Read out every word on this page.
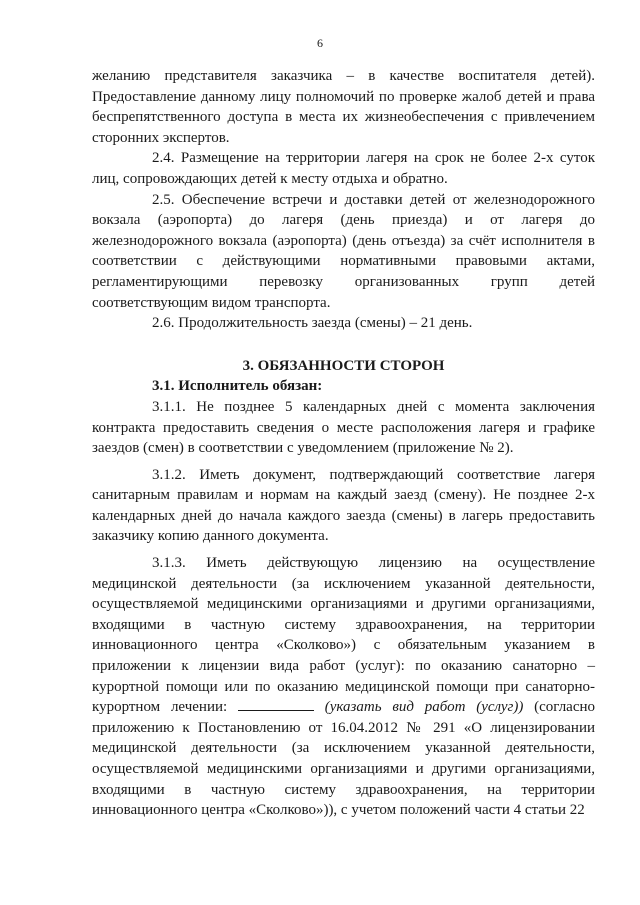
6
желанию представителя заказчика – в качестве воспитателя детей).
Предоставление данному лицу полномочий по проверке жалоб детей и права
беспрепятственного доступа в места их жизнеобеспечения с привлечением
сторонних экспертов.
2.4. Размещение на территории лагеря на срок не более 2-х суток
лиц, сопровождающих детей к месту отдыха и обратно.
2.5. Обеспечение встречи и доставки детей от железнодорожного
вокзала (аэропорта) до лагеря (день приезда) и от лагеря до
железнодорожного вокзала (аэропорта) (день отъезда) за счёт исполнителя в
соответствии с действующими нормативными правовыми актами,
регламентирующими перевозку организованных групп детей
соответствующим видом транспорта.
2.6. Продолжительность заезда (смены) – 21 день.
3. ОБЯЗАННОСТИ СТОРОН
3.1. Исполнитель обязан:
3.1.1. Не позднее 5 календарных дней с момента заключения
контракта предоставить сведения о месте расположения лагеря и графике
заездов (смен) в соответствии с уведомлением (приложение № 2).
3.1.2. Иметь документ, подтверждающий соответствие лагеря
санитарным правилам и нормам на каждый заезд (смену). Не позднее 2-х
календарных дней до начала каждого заезда (смены) в лагерь предоставить
заказчику копию данного документа.
3.1.3. Иметь действующую лицензию на осуществление
медицинской деятельности (за исключением указанной деятельности,
осуществляемой медицинскими организациями и другими организациями,
входящими в частную систему здравоохранения, на территории
инновационного центра «Сколково») с обязательным указанием в
приложении к лицензии вида работ (услуг): по оказанию санаторно –
курортной помощи или по оказанию медицинской помощи при санаторно-
курортном лечении:	(указать вид работ (услуг)) (согласно
приложению к Постановлению от 16.04.2012 № 291 «О лицензировании
медицинской деятельности (за исключением указанной деятельности,
осуществляемой медицинскими организациями и другими организациями,
входящими в частную систему здравоохранения, на территории
инновационного центра «Сколково»)), с учетом положений части 4 статьи 22
